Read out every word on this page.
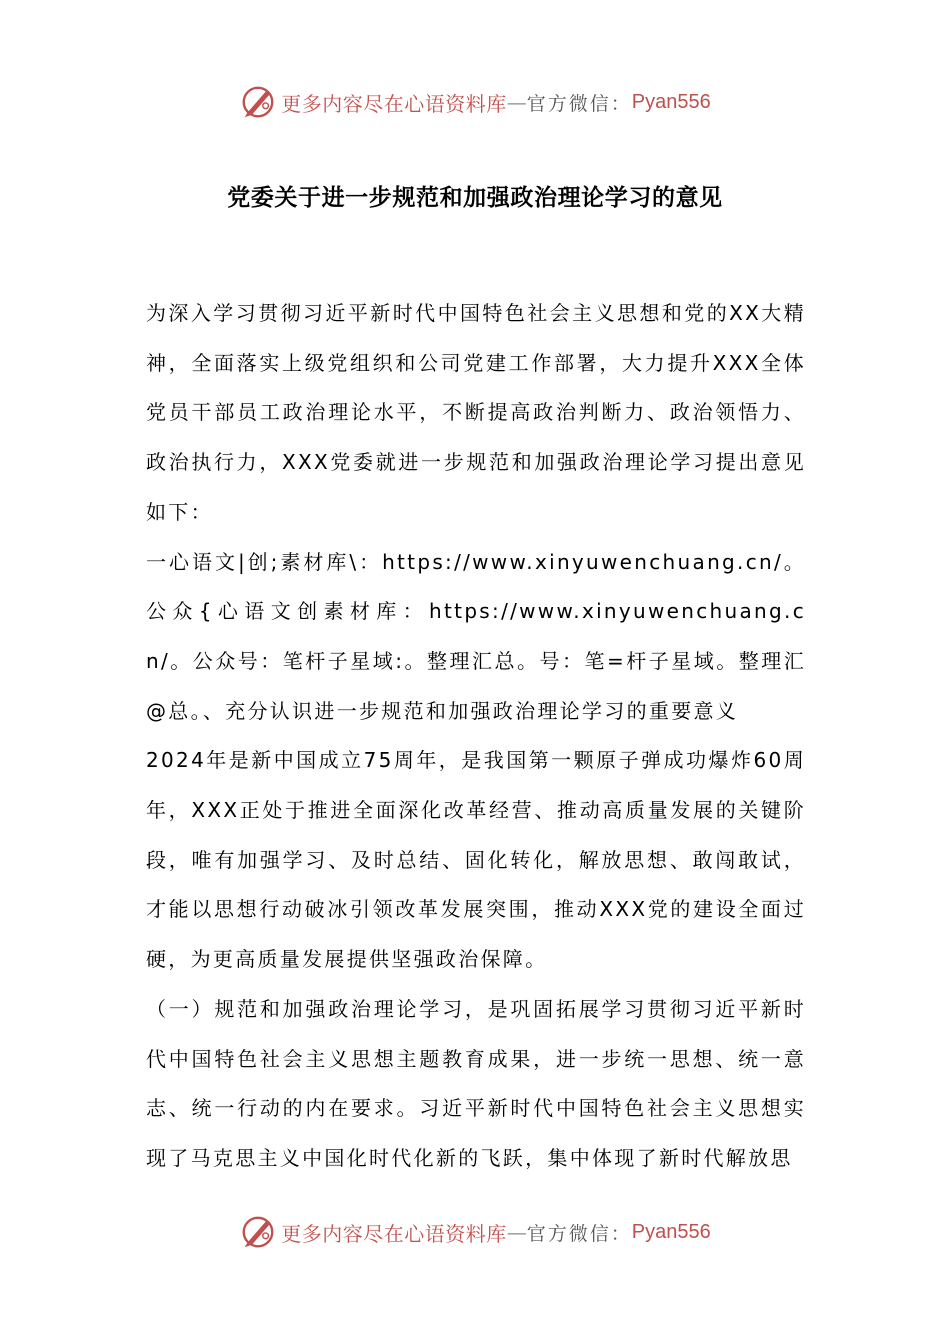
更多内容尽在心语资料库 — 官方微信： Pyan556
党委关于进一步规范和加强政治理论学习的意见

为深入学习贯彻习近平新时代中国特色社会主义思想和党的XX大精神，全面落实上级党组织和公司党建工作部署，大力提升XXX全体党员干部员工政治理论水平，不断提高政治判断力、政治领悟力、政治执行力，XXX党委就进一步规范和加强政治理论学习提出意见如下：

一心语文|创;素材库\：https://www.xinyuwenchuang.cn/。公众{心语文创素材库：https://www.xinyuwenchuang.cn/。公众号：笔杆子星域:。整理汇总。号：笔=杆子星域。整理汇@总。、充分认识进一步规范和加强政治理论学习的重要意义

2024年是新中国成立75周年，是我国第一颗原子弹成功爆炸60周年，XXX正处于推进全面深化改革经营、推动高质量发展的关键阶段，唯有加强学习、及时总结、固化转化，解放思想、敢闯敢试，才能以思想行动破冰引领改革发展突围，推动XXX党的建设全面过硬，为更高质量发展提供坚强政治保障。

（一）规范和加强政治理论学习，是巩固拓展学习贯彻习近平新时代中国特色社会主义思想主题教育成果，进一步统一思想、统一意志、统一行动的内在要求。习近平新时代中国特色社会主义思想实现了马克思主义中国化时代化新的飞跃，集中体现了新时代解放思

更多内容尽在心语资料库 — 官方微信： Pyan556
